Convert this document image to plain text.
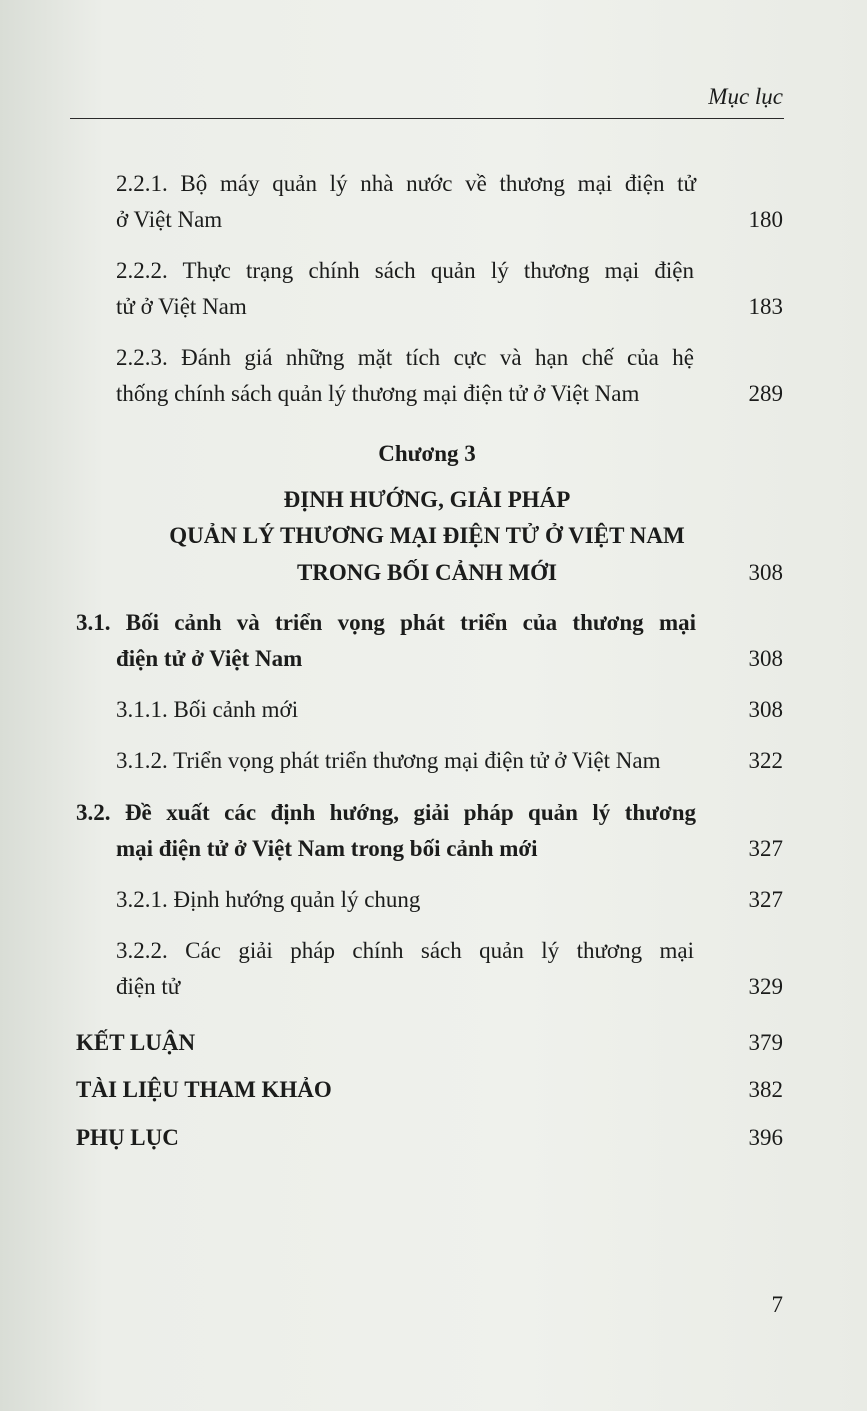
Mục lục
2.2.1. Bộ máy quản lý nhà nước về thương mại điện tử
ở Việt Nam	180
2.2.2. Thực trạng chính sách quản lý thương mại điện
tử ở Việt Nam	183
2.2.3. Đánh giá những mặt tích cực và hạn chế của hệ
thống chính sách quản lý thương mại điện tử ở Việt Nam	289
Chương 3
ĐỊNH HƯỚNG, GIẢI PHÁP
QUẢN LÝ THƯƠNG MẠI ĐIỆN TỬ Ở VIỆT NAM
TRONG BỐI CẢNH MỚI	308
3.1. Bối cảnh và triển vọng phát triển của thương mại
điện tử ở Việt Nam	308
3.1.1. Bối cảnh mới	308
3.1.2. Triển vọng phát triển thương mại điện tử ở Việt Nam	322
3.2. Đề xuất các định hướng, giải pháp quản lý thương
mại điện tử ở Việt Nam trong bối cảnh mới	327
3.2.1. Định hướng quản lý chung	327
3.2.2. Các giải pháp chính sách quản lý thương mại
điện tử	329
KẾT LUẬN	379
TÀI LIỆU THAM KHẢO	382
PHỤ LỤC	396
7
